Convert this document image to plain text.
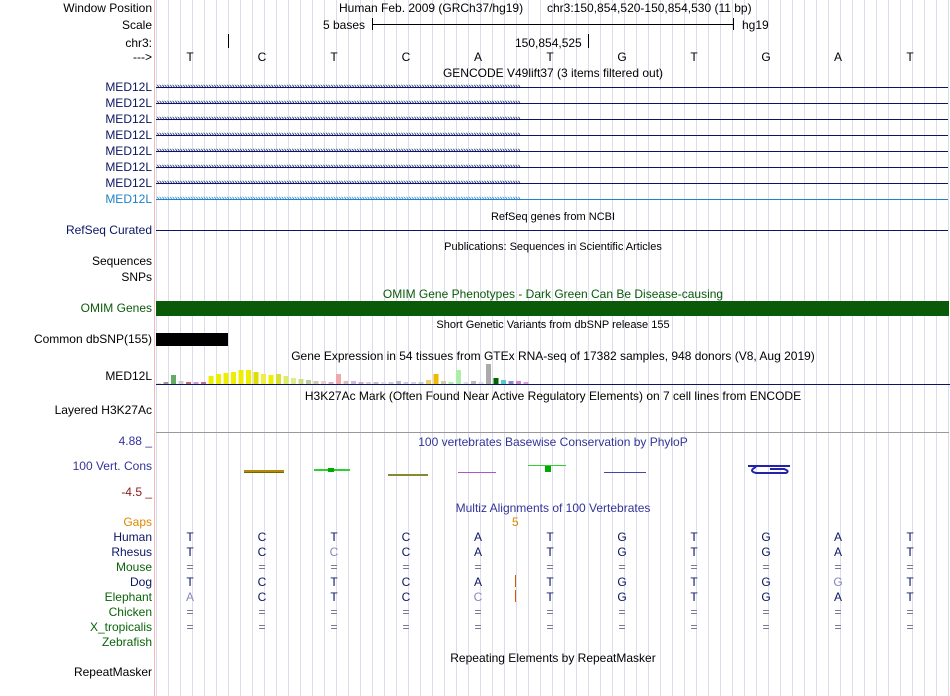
Window Position	Human Feb. 2009 (GRCh37/hg19) chr3:150,854,520-150,854,530 (11 bp)
Scale	5 bases	hg19
chr3:	150,854,525
--->	T	C	T	C	A	T	G	T	G	A	T
GENCODE V49lift37 (3 items filtered out)
MED12L ››››››››››››››››››››››››››››››››››››››››››››››››››››››››››››››››››››››››››››››››››››››››››››››››››››››››››››››››››››››››››››››››››››››››››››
MED12L ››››››››››››››››››››››››››››››››››››››››››››››››››››››››››››››››››››››››››››››››››››››››››››››››››››››››››››››››››››››››››››››››››››››››››››
MED12L ››››››››››››››››››››››››››››››››››››››››››››››››››››››››››››››››››››››››››››››››››››››››››››››››››››››››››››››››››››››››››››››››››››››››››››
MED12L ››››››››››››››››››››››››››››››››››››››››››››››››››››››››››››››››››››››››››››››››››››››››››››››››››››››››››››››››››››››››››››››››››››››››››››
MED12L ››››››››››››››››››››››››››››››››››››››››››››››››››››››››››››››››››››››››››››››››››››››››››››››››››››››››››››››››››››››››››››››››››››››››››››
MED12L ››››››››››››››››››››››››››››››››››››››››››››››››››››››››››››››››››››››››››››››››››››››››››››››››››››››››››››››››››››››››››››››››››››››››››››
MED12L ››››››››››››››››››››››››››››››››››››››››››››››››››››››››››››››››››››››››››››››››››››››››››››››››››››››››››››››››››››››››››››››››››››››››››››
MED12L ››››››››››››››››››››››››››››››››››››››››››››››››››››››››››››››››››››››››››››››››››››››››››››››››››››››››››››››››››››››››››››››››››››››››››››
RefSeq genes from NCBI
RefSeq Curated
Publications: Sequences in Scientific Articles
Sequences
SNPs
OMIM Gene Phenotypes - Dark Green Can Be Disease-causing
OMIM Genes
Short Genetic Variants from dbSNP release 155
Common dbSNP(155)
Gene Expression in 54 tissues from GTEx RNA-seq of 17382 samples, 948 donors (V8, Aug 2019)
MED12L
H3K27Ac Mark (Often Found Near Active Regulatory Elements) on 7 cell lines from ENCODE
Layered H3K27Ac
100 vertebrates Basewise Conservation by PhyloP
4.88 _
100 Vert. Cons
-4.5 _
Multiz Alignments of 100 Vertebrates
Gaps	5
Human	T	C	T	C	A	T	G	T	G	A	T
Rhesus	T	C	C	C	A	T	G	T	G	A	T
Mouse	=	=	=	=	=	=	=	=	=	=	=
Dog	T	C	T	C	A	T	G	T	G	G	T
Elephant	A	C	T	C	C	T	G	T	G	A	T
Chicken	=	=	=	=	=	=	=	=	=	=	=
X_tropicalis	=	=	=	=	=	=	=	=	=	=	=
Zebrafish
Repeating Elements by RepeatMasker
RepeatMasker
